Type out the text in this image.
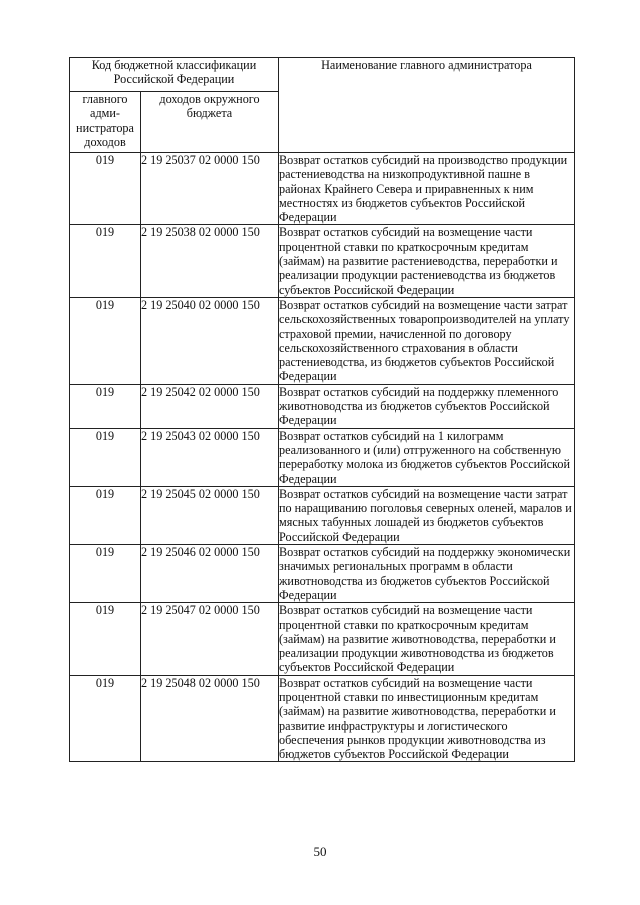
Код бюджетной классификации Российской Федерации		Наименование главного администратора
главного адми-нистратора доходов	доходов окружного бюджета	
019	2 19 25037 02 0000 150	Возврат остатков субсидий на производство продукции растениеводства на низкопродуктивной пашне в районах Крайнего Севера и приравненных к ним местностях из бюджетов субъектов Российской Федерации
019	2 19 25038 02 0000 150	Возврат остатков субсидий на возмещение части процентной ставки по краткосрочным кредитам (займам) на развитие растениеводства, переработки и реализации продукции растениеводства из бюджетов субъектов Российской Федерации
019	2 19 25040 02 0000 150	Возврат остатков субсидий на возмещение части затрат сельскохозяйственных товаропроизводителей на уплату страховой премии, начисленной по договору сельскохозяйственного страхования в области растениеводства, из бюджетов субъектов Российской Федерации
019	2 19 25042 02 0000 150	Возврат остатков субсидий на поддержку племенного животноводства из бюджетов субъектов Российской Федерации
019	2 19 25043 02 0000 150	Возврат остатков субсидий на 1 килограмм реализованного и (или) отгруженного на собственную переработку молока из бюджетов субъектов Российской Федерации
019	2 19 25045 02 0000 150	Возврат остатков субсидий на возмещение части затрат по наращиванию поголовья северных оленей, маралов и мясных табунных лошадей из бюджетов субъектов Российской Федерации
019	2 19 25046 02 0000 150	Возврат остатков субсидий на поддержку экономически значимых региональных программ в области животноводства из бюджетов субъектов Российской Федерации
019	2 19 25047 02 0000 150	Возврат остатков субсидий на возмещение части процентной ставки по краткосрочным кредитам (займам) на развитие животноводства, переработки и реализации продукции животноводства из бюджетов субъектов Российской Федерации
019	2 19 25048 02 0000 150	Возврат остатков субсидий на возмещение части процентной ставки по инвестиционным кредитам (займам) на развитие животноводства, переработки и развитие инфраструктуры и логистического обеспечения рынков продукции животноводства из бюджетов субъектов Российской Федерации
50
